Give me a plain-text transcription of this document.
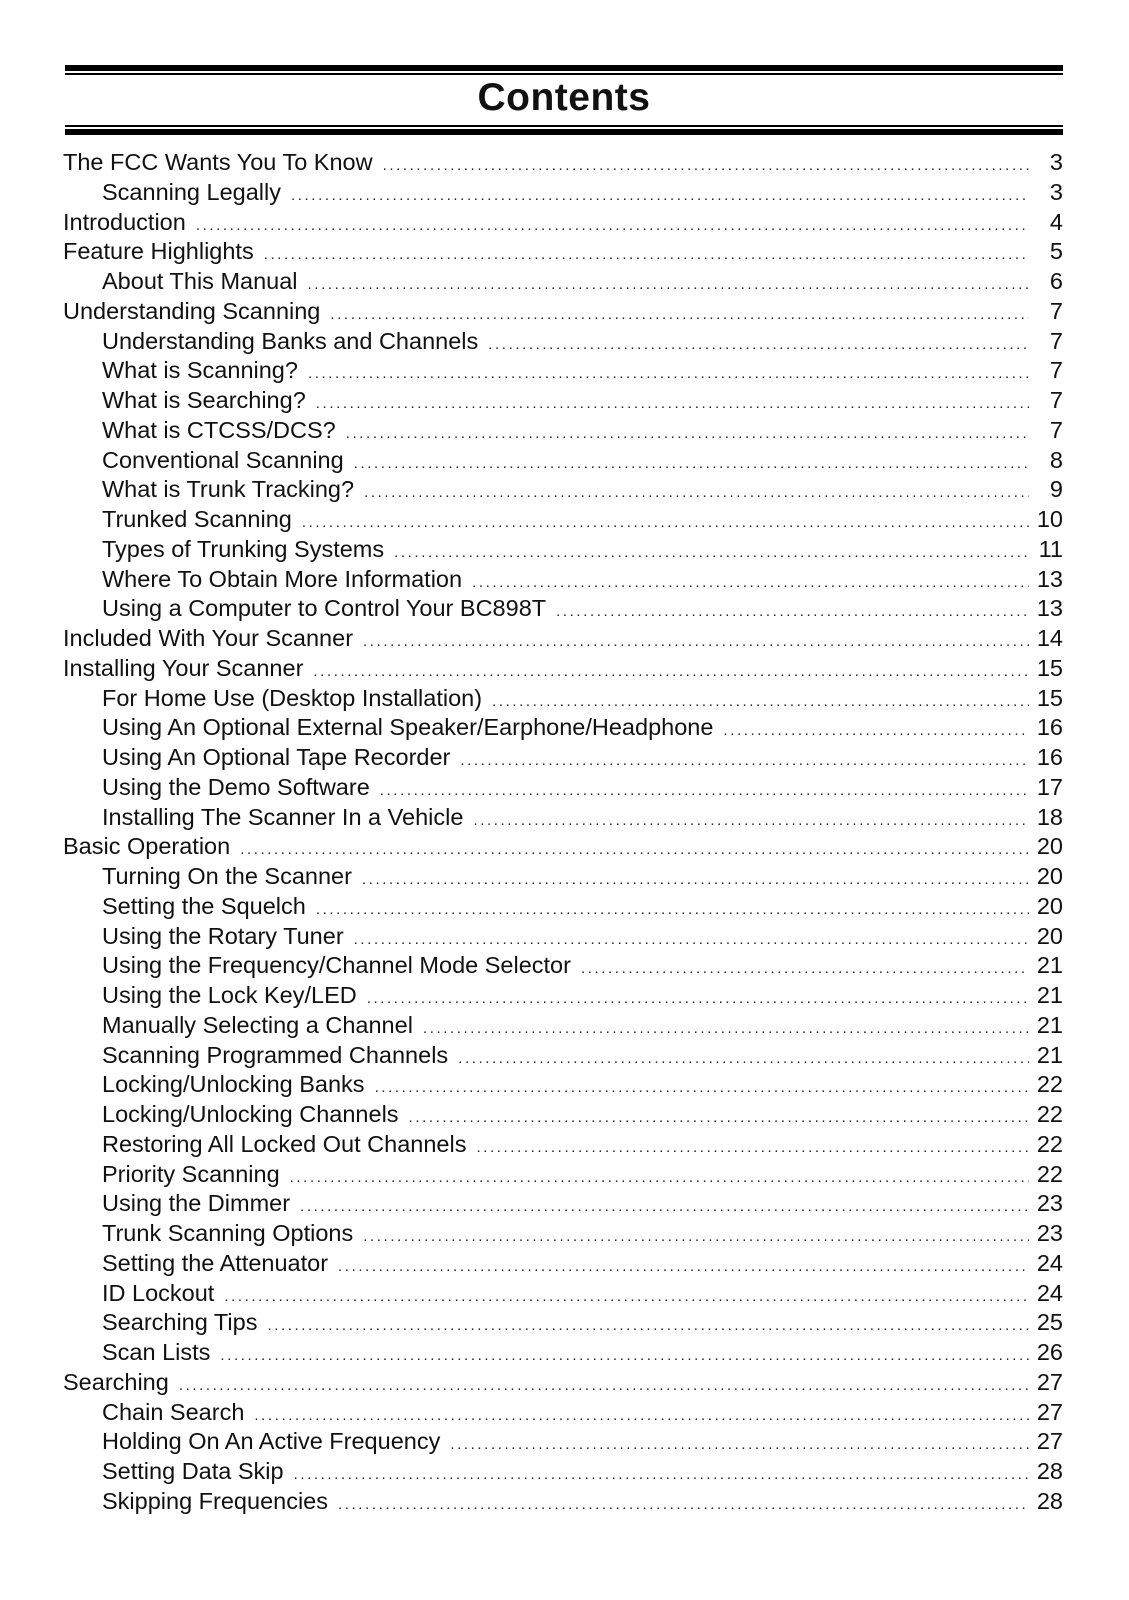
Contents
The FCC Wants You To Know .....	3
Scanning Legally .....	3
Introduction .....	4
Feature Highlights .....	5
About This Manual .....	6
Understanding Scanning .....	7
Understanding Banks and Channels .....	7
What is Scanning? .....	7
What is Searching? .....	7
What is CTCSS/DCS? .....	7
Conventional Scanning .....	8
What is Trunk Tracking? .....	9
Trunked Scanning .....	10
Types of Trunking Systems .....	11
Where To Obtain More Information .....	13
Using a Computer to Control Your BC898T .....	13
Included With Your Scanner .....	14
Installing Your Scanner .....	15
For Home Use (Desktop Installation) .....	15
Using An Optional External Speaker/Earphone/Headphone .....	16
Using An Optional Tape Recorder .....	16
Using the Demo Software .....	17
Installing The Scanner In a Vehicle .....	18
Basic Operation .....	20
Turning On the Scanner .....	20
Setting the Squelch .....	20
Using the Rotary Tuner .....	20
Using the Frequency/Channel Mode Selector .....	21
Using the Lock Key/LED .....	21
Manually Selecting a Channel .....	21
Scanning Programmed Channels .....	21
Locking/Unlocking Banks .....	22
Locking/Unlocking Channels .....	22
Restoring All Locked Out Channels .....	22
Priority Scanning .....	22
Using the Dimmer .....	23
Trunk Scanning Options .....	23
Setting the Attenuator .....	24
ID Lockout .....	24
Searching Tips .....	25
Scan Lists .....	26
Searching .....	27
Chain Search .....	27
Holding On An Active Frequency .....	27
Setting Data Skip .....	28
Skipping Frequencies .....	28
